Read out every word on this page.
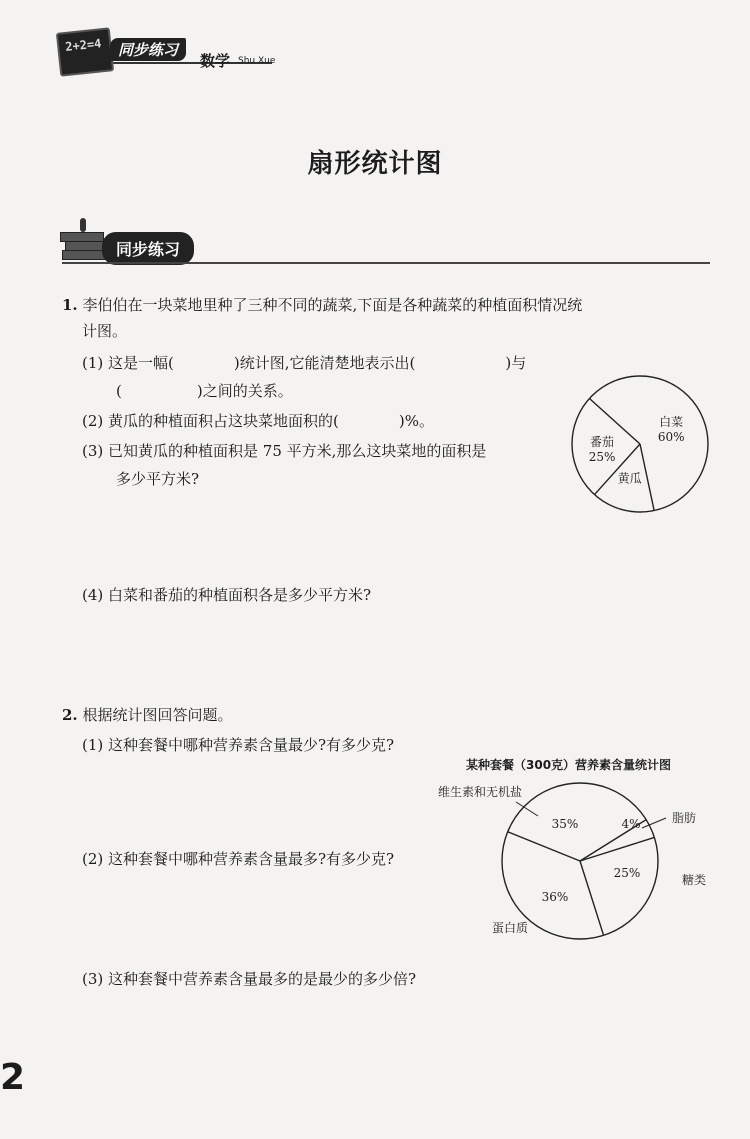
2+2=4	同步练习
数学 Shu Xue
扇形统计图
同步练习
1. 李伯伯在一块菜地里种了三种不同的蔬菜,下面是各种蔬菜的种植面积情况统
计图。
(1) 这是一幅(　　　　)统计图,它能清楚地表示出(　　　　　　)与
(　　　　　)之间的关系。
(2) 黄瓜的种植面积占这块菜地面积的(　　　　)%。
(3) 已知黄瓜的种植面积是 75 平方米,那么这块菜地的面积是
多少平方米?
(4) 白菜和番茄的种植面积各是多少平方米?
白菜
60%
黄瓜
番茄
25%
2. 根据统计图回答问题。
(1) 这种套餐中哪种营养素含量最少?有多少克?
(2) 这种套餐中哪种营养素含量最多?有多少克?
(3) 这种套餐中营养素含量最多的是最少的多少倍?
某种套餐（300克）营养素含量统计图
维生素和无机盐
35%	脂肪
4%
糖类
25%
蛋白质
36%
2
